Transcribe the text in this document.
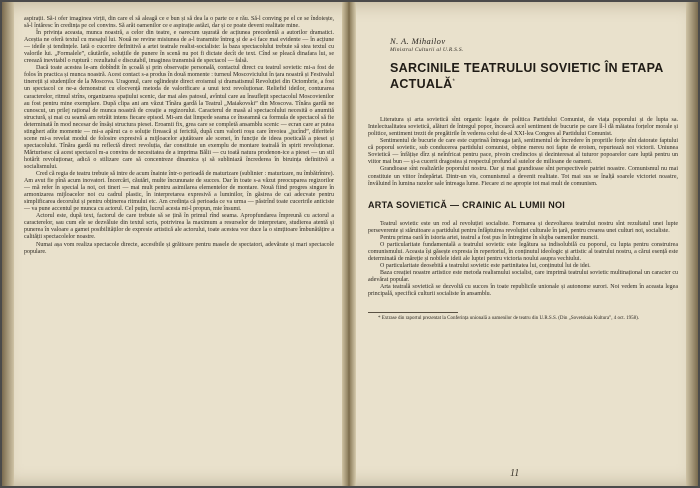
aspirații. Să-i ofer imaginea virții, din care el să aleagă ce e bun și să dea la o parte ce e rău. Să-l conving pe el ce se îndoiește, să-l întăresc în credința pe cel convins. Să arăt oamenilor ce e aspirație astăzi, dar și ce poate deveni realitate mine.

În privința aceasta, munca noastră, a celor din teatre, e oarecum ușurată de acțiunea precedentă a autorilor dramatici. Aceștia ne oferă textul cu mesajul lui. Nouă ne revine misiunea de a-l transmite întreg și de a-i face mai evidente — în acțiune — ideile și tendințele. Iată o cucerire definitivă a artei teatrale realist-socialiste: la baza spectacolului trebuie să stea textul cu valorile lui. „Formalele”, căutările, soluțiile de punere în scenă nu pot fi dictate decît de text. Cînd se pleacă dinafara lui, se creează inevitabil o ruptură : rezultatul e discutabil, imaginea transmisă de spectacol — falsă.

Dacă toate acestea le-am dobîndit în școală și prin observație personală, contactul direct cu teatrul sovietic mi-a fost de folos în practica și munca noastră. Acest contact s-a produs în două momente : turneul Moscoviciului în țara noastră și Festivalul tinereții și studenților de la Moscova. Uragonul, care oglindește direct eroismul și dramatismul Revoluției din Octombrie, a fost un spectacol ce ne-a demonstrat cu elocvență metoda de valorificare a unui text revoluționar. Reliefid ideilor, conturarea caracterelor, ritmul strîns, organizarea spațiului scenic, dar mai ales patosul, avîntul care au însuflețit spectacolul Moscovienilor au fost pentru mine exemplare. După clipa ani am văzut Tînăra gardă la Teatrul „Maiakovski” din Moscova. Tînăra gardă ne cunoscut, un prilej rațional de munca noastră de creație a regizorului. Caracterul de masă al spectacolului necesită o anumită structură, și mai cu seamă am retrăit intens fiecare episod. Mi-am dat limpede seama ce înseamnă ca formula de spectacol să fie determinată în mod necesar de însăși structura piesei. Eroamii fix, grea care se completă ansamblu scenic — ecran care ar putea stinghert atîte momente — mi-a apărut ca o soluție firească și fericită, după cum valorii roșu care învoiea „jucînd”, diferitele scene mi-a revelat modul de folosire expresivă a mijloacelor ajutătoare ale scenei, în funcție de ideea poeticală a piesei și spectacolului. Tînăra gardă nu reflectă direct revoluția, dar constituie un exemplu de montare teatrală în spirit revoluționar. Mărturisesc că acest spectacol m-a convins de necesitatea de a imprima Bălii — cu toată natura prodenon-ice a piesei — un stil hotărît revoluționar, adică o stilizare care să concentreze dinamica și să subliniază încrederea în biruința definitivă a socialismului.

Cred că regia de teatru trebuie să intre de acum înainte într-o perioadă de maturizare (sublinier : maturizare, nu îmbătrînire). Am avut fie pînă acum inovatori. Încercări, căutări, multe încununate de succes. Dar în toate s-a văzut preocuparea regizorilor — mă refer în special la noi, cei tineri — mai mult pentru asimilarea elementelor de montare. Nouă fiind progres singure în armonizarea mijloacelor noi cu cadrul plastic, în interpretarea expresivă a luminilor, în găsirea de cai adecvate pentru simplificarea decorului și pentru obținerea ritmului etc. Am credința că perioada ce va urma — păstrînd toate cuceririle anticiste — va pune accentul pe munca cu actorul. Cel puțin, lucrul acesta mi-l propun, mie însumi.

Actorul este, după text, factorul de care trebuie să se țină în primul rînd seama. Apropfundarea împreună cu actorul a caracterelor, sau cum ele se dezvăluie din textul scris, potrivirea la maximum a resurselor de interpretare, studierea atentă și punerea în valoare a gamei posibilităților de expresie artistică ale actorului, toate acestea vor duce la o simțitoare îmbunătățire a calității spectacolelor noastre.

Numai așa vom realiza spectacole directe, accesibile și grăitoare pentru masele de spectatori, adevărate și mari spectacole populare.

N. A. Mihailov
Ministrul Culturii al U.R.S.S.
SARCINILE TEATRULUI SOVIETIC ÎN ETAPA ACTUALĂ*

Literatura și arta sovietică sînt organic legate de politica Partidului Comunist, de viața poporului și de lupta sa. Intelectualitatea sovietică, alături de întregul popor, încearcă acel sentiment de bucurie pe care îl-l dă măiatea forțelor morale și politice, sentiment trezit de pregătirile în vederea celui de-al XXI-lea Congres al Partidului Comunist.

Sentimentul de bucurie de care este cuprinsă întreaga țară, sentimentul de încredere în propriile forțe sînt datorate faptului că poporul sovietic, sub conducerea partidului comunist, obține mereu noi fapte de eroism, repurtează noi victorii. Uniunea Sovietică — înfățișe dîrz și neînfricat pentru pace, pivoin credincios și dezinteresat al tuturor popoarelor care luptă pentru un viitor mai bun — și-a cucerit dragostea și respectul profund al sutelor de milioane de oameni.

Grandioase sînt realizările poporului nostru. Dar și mai grandioase sînt perspectivele patriei noastre. Comunismul nu mai constituie un viitor îndepărtat. Dintr-un vis, comunismul a devenit realitate. Tot mai sus se înalță soarele victoriei noastre, învăluind în lumina razelor sale întreaga lume. Fiecare zi ne apropie tot mai mult de comunism.

ARTA SOVIETICĂ — CRAINIC AL LUMII NOI

Teatrul sovietic este un rod al revoluției socialiste. Formarea și dezvoltarea teatrului nostru sînt rezultatul unei lupte perseverente și stăruitoare a partidului pentru înfăptuirea revoluției culturale în țară, pentru crearea unei culturi noi, socialiste.

Pentru prima oară în istoria artei, teatrul a fost pus în întregime în slujba oamenilor muncii.

O particularitate fundamentală a teatrului sovietic este legătura sa indisolubilă cu poporul, cu lupta pentru construirea comunismului. Aceasta își găsește expresia în repertoriul, în conținutul ideologic și artistic al teatrului nostru, a cărui esență este determinată de măreție și nobilele ideii ale luptei pentru victoria noului asupra vechiului.

O particularitate deosebită a teatrului sovietic este partinitatea lui, conținutul lui de idei.

Baza creației noastre artistice este metoda realismului socialist, care imprimă teatrului sovietic multinațional un caracter cu adevărat popular.

Arta teatrală sovietică se dezvoltă cu succes în toate republicile unionale și autonome surori. Noi vedem în aceasta legea principală, specifică culturii socialiste în ansamblu.

* Extrase din raportul prezentat la Conferința unională a oamenilor de teatru din U.R.S.S. (Din „Sovetskaia Kultura”, 4 oct. 1958).
11
